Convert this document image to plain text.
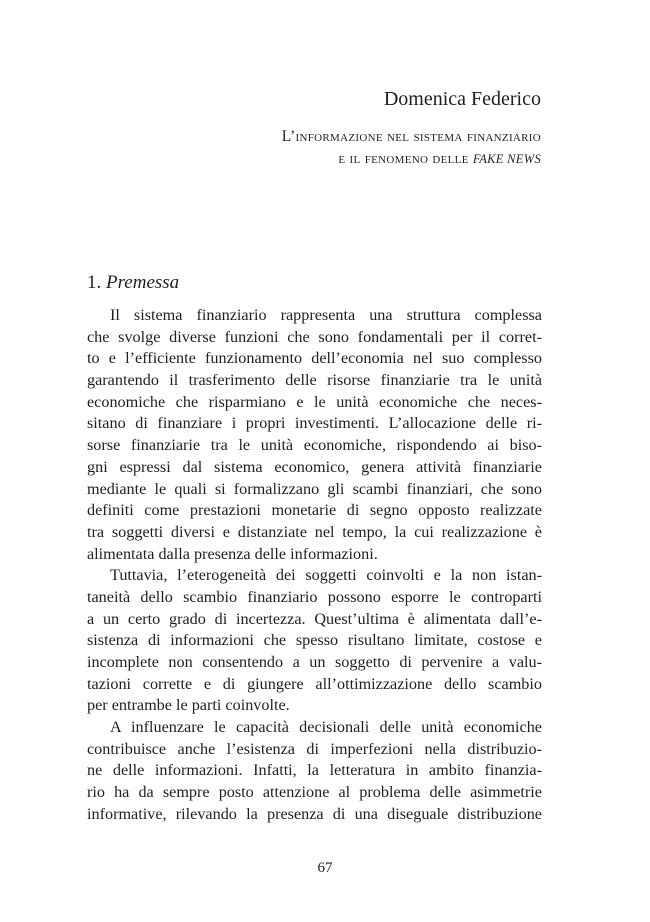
Domenica Federico
L’informazione nel sistema finanziario
e il fenomeno delle FAKE NEWS
1. Premessa

Il sistema finanziario rappresenta una struttura complessa
che svolge diverse funzioni che sono fondamentali per il corret-
to e l’efficiente funzionamento dell’economia nel suo complesso
garantendo il trasferimento delle risorse finanziarie tra le unità
economiche che risparmiano e le unità economiche che neces-
sitano di finanziare i propri investimenti. L’allocazione delle ri-
sorse finanziarie tra le unità economiche, rispondendo ai biso-
gni espressi dal sistema economico, genera attività finanziarie
mediante le quali si formalizzano gli scambi finanziari, che sono
definiti come prestazioni monetarie di segno opposto realizzate
tra soggetti diversi e distanziate nel tempo, la cui realizzazione è
alimentata dalla presenza delle informazioni.

Tuttavia, l’eterogeneità dei soggetti coinvolti e la non istan-
taneità dello scambio finanziario possono esporre le controparti
a un certo grado di incertezza. Quest’ultima è alimentata dall’e-
sistenza di informazioni che spesso risultano limitate, costose e
incomplete non consentendo a un soggetto di pervenire a valu-
tazioni corrette e di giungere all’ottimizzazione dello scambio
per entrambe le parti coinvolte.

A influenzare le capacità decisionali delle unità economiche
contribuisce anche l’esistenza di imperfezioni nella distribuzio-
ne delle informazioni. Infatti, la letteratura in ambito finanzia-
rio ha da sempre posto attenzione al problema delle asimmetrie
informative, rilevando la presenza di una diseguale distribuzione

67
